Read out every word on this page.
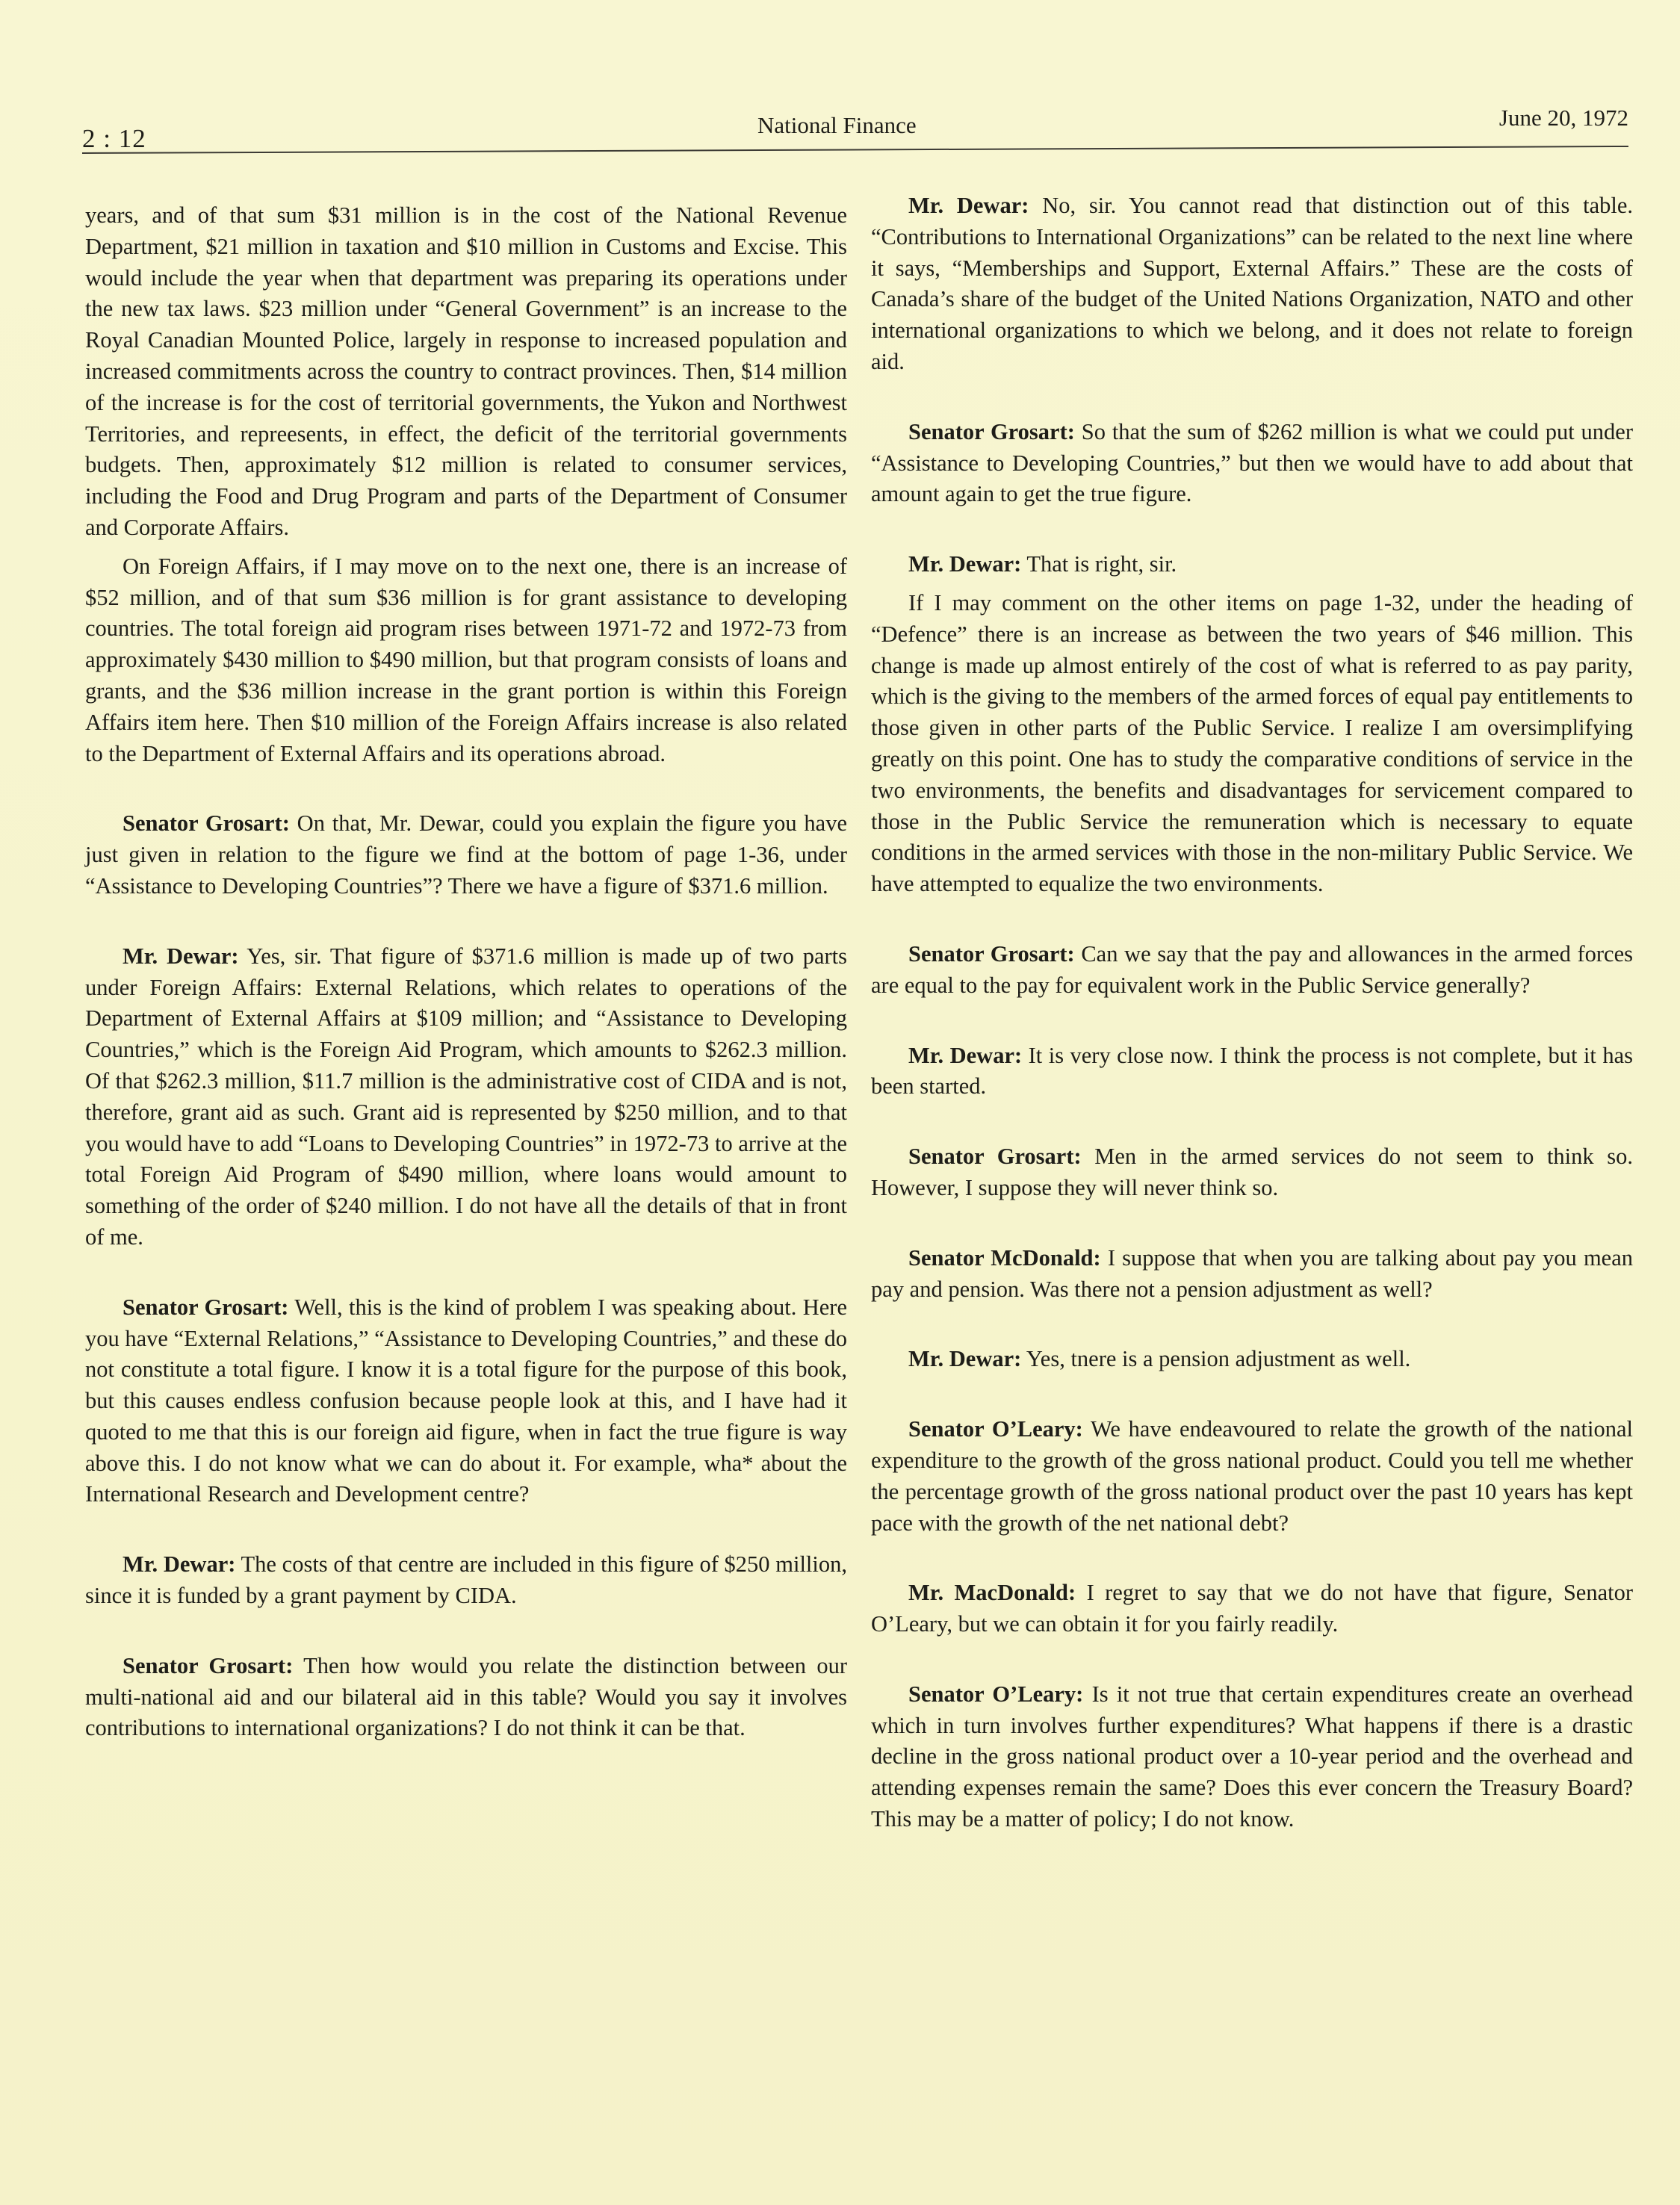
2 : 12	National Finance	June 20, 1972

years, and of that sum $31 million is in the cost of the National Revenue Department, $21 million in taxation and $10 million in Customs and Excise. This would include the year when that department was preparing its operations under the new tax laws. $23 million under “General Government” is an increase to the Royal Canadian Mounted Police, largely in response to increased population and increased commitments across the country to contract provinces. Then, $14 million of the increase is for the cost of territorial governments, the Yukon and Northwest Territories, and repreesents, in effect, the deficit of the territorial governments budgets. Then, approximately $12 million is related to consumer services, including the Food and Drug Program and parts of the Department of Consumer and Corporate Affairs.

On Foreign Affairs, if I may move on to the next one, there is an increase of $52 million, and of that sum $36 million is for grant assistance to developing countries. The total foreign aid program rises between 1971-72 and 1972-73 from approximately $430 million to $490 million, but that program consists of loans and grants, and the $36 million increase in the grant portion is within this Foreign Affairs item here. Then $10 million of the Foreign Affairs increase is also related to the Department of External Affairs and its operations abroad.

Senator Grosart: On that, Mr. Dewar, could you explain the figure you have just given in relation to the figure we find at the bottom of page 1-36, under “Assistance to Developing Countries”? There we have a figure of $371.6 million.

Mr. Dewar: Yes, sir. That figure of $371.6 million is made up of two parts under Foreign Affairs: External Relations, which relates to operations of the Department of External Affairs at $109 million; and “Assistance to Developing Countries,” which is the Foreign Aid Program, which amounts to $262.3 million. Of that $262.3 million, $11.7 million is the administrative cost of CIDA and is not, therefore, grant aid as such. Grant aid is represented by $250 million, and to that you would have to add “Loans to Developing Countries” in 1972-73 to arrive at the total Foreign Aid Program of $490 million, where loans would amount to something of the order of $240 million. I do not have all the details of that in front of me.

Senator Grosart: Well, this is the kind of problem I was speaking about. Here you have “External Relations,” “Assistance to Developing Countries,” and these do not constitute a total figure. I know it is a total figure for the purpose of this book, but this causes endless confusion because people look at this, and I have had it quoted to me that this is our foreign aid figure, when in fact the true figure is way above this. I do not know what we can do about it. For example, wha* about the International Research and Development centre?

Mr. Dewar: The costs of that centre are included in this figure of $250 million, since it is funded by a grant payment by CIDA.

Senator Grosart: Then how would you relate the distinction between our multi-national aid and our bilateral aid in this table? Would you say it involves contributions to international organizations? I do not think it can be that.

Mr. Dewar: No, sir. You cannot read that distinction out of this table. “Contributions to International Organizations” can be related to the next line where it says, “Memberships and Support, External Affairs.” These are the costs of Canada’s share of the budget of the United Nations Organization, NATO and other international organizations to which we belong, and it does not relate to foreign aid.

Senator Grosart: So that the sum of $262 million is what we could put under “Assistance to Developing Countries,” but then we would have to add about that amount again to get the true figure.

Mr. Dewar: That is right, sir.

If I may comment on the other items on page 1-32, under the heading of “Defence” there is an increase as between the two years of $46 million. This change is made up almost entirely of the cost of what is referred to as pay parity, which is the giving to the members of the armed forces of equal pay entitlements to those given in other parts of the Public Service. I realize I am oversimplifying greatly on this point. One has to study the comparative conditions of service in the two environments, the benefits and disadvantages for servicement compared to those in the Public Service the remuneration which is necessary to equate conditions in the armed services with those in the non-military Public Service. We have attempted to equalize the two environments.

Senator Grosart: Can we say that the pay and allowances in the armed forces are equal to the pay for equivalent work in the Public Service generally?

Mr. Dewar: It is very close now. I think the process is not complete, but it has been started.

Senator Grosart: Men in the armed services do not seem to think so. However, I suppose they will never think so.

Senator McDonald: I suppose that when you are talking about pay you mean pay and pension. Was there not a pension adjustment as well?

Mr. Dewar: Yes, tnere is a pension adjustment as well.

Senator O’Leary: We have endeavoured to relate the growth of the national expenditure to the growth of the gross national product. Could you tell me whether the percentage growth of the gross national product over the past 10 years has kept pace with the growth of the net national debt?

Mr. MacDonald: I regret to say that we do not have that figure, Senator O’Leary, but we can obtain it for you fairly readily.

Senator O’Leary: Is it not true that certain expenditures create an overhead which in turn involves further expenditures? What happens if there is a drastic decline in the gross national product over a 10-year period and the overhead and attending expenses remain the same? Does this ever concern the Treasury Board? This may be a matter of policy; I do not know.
